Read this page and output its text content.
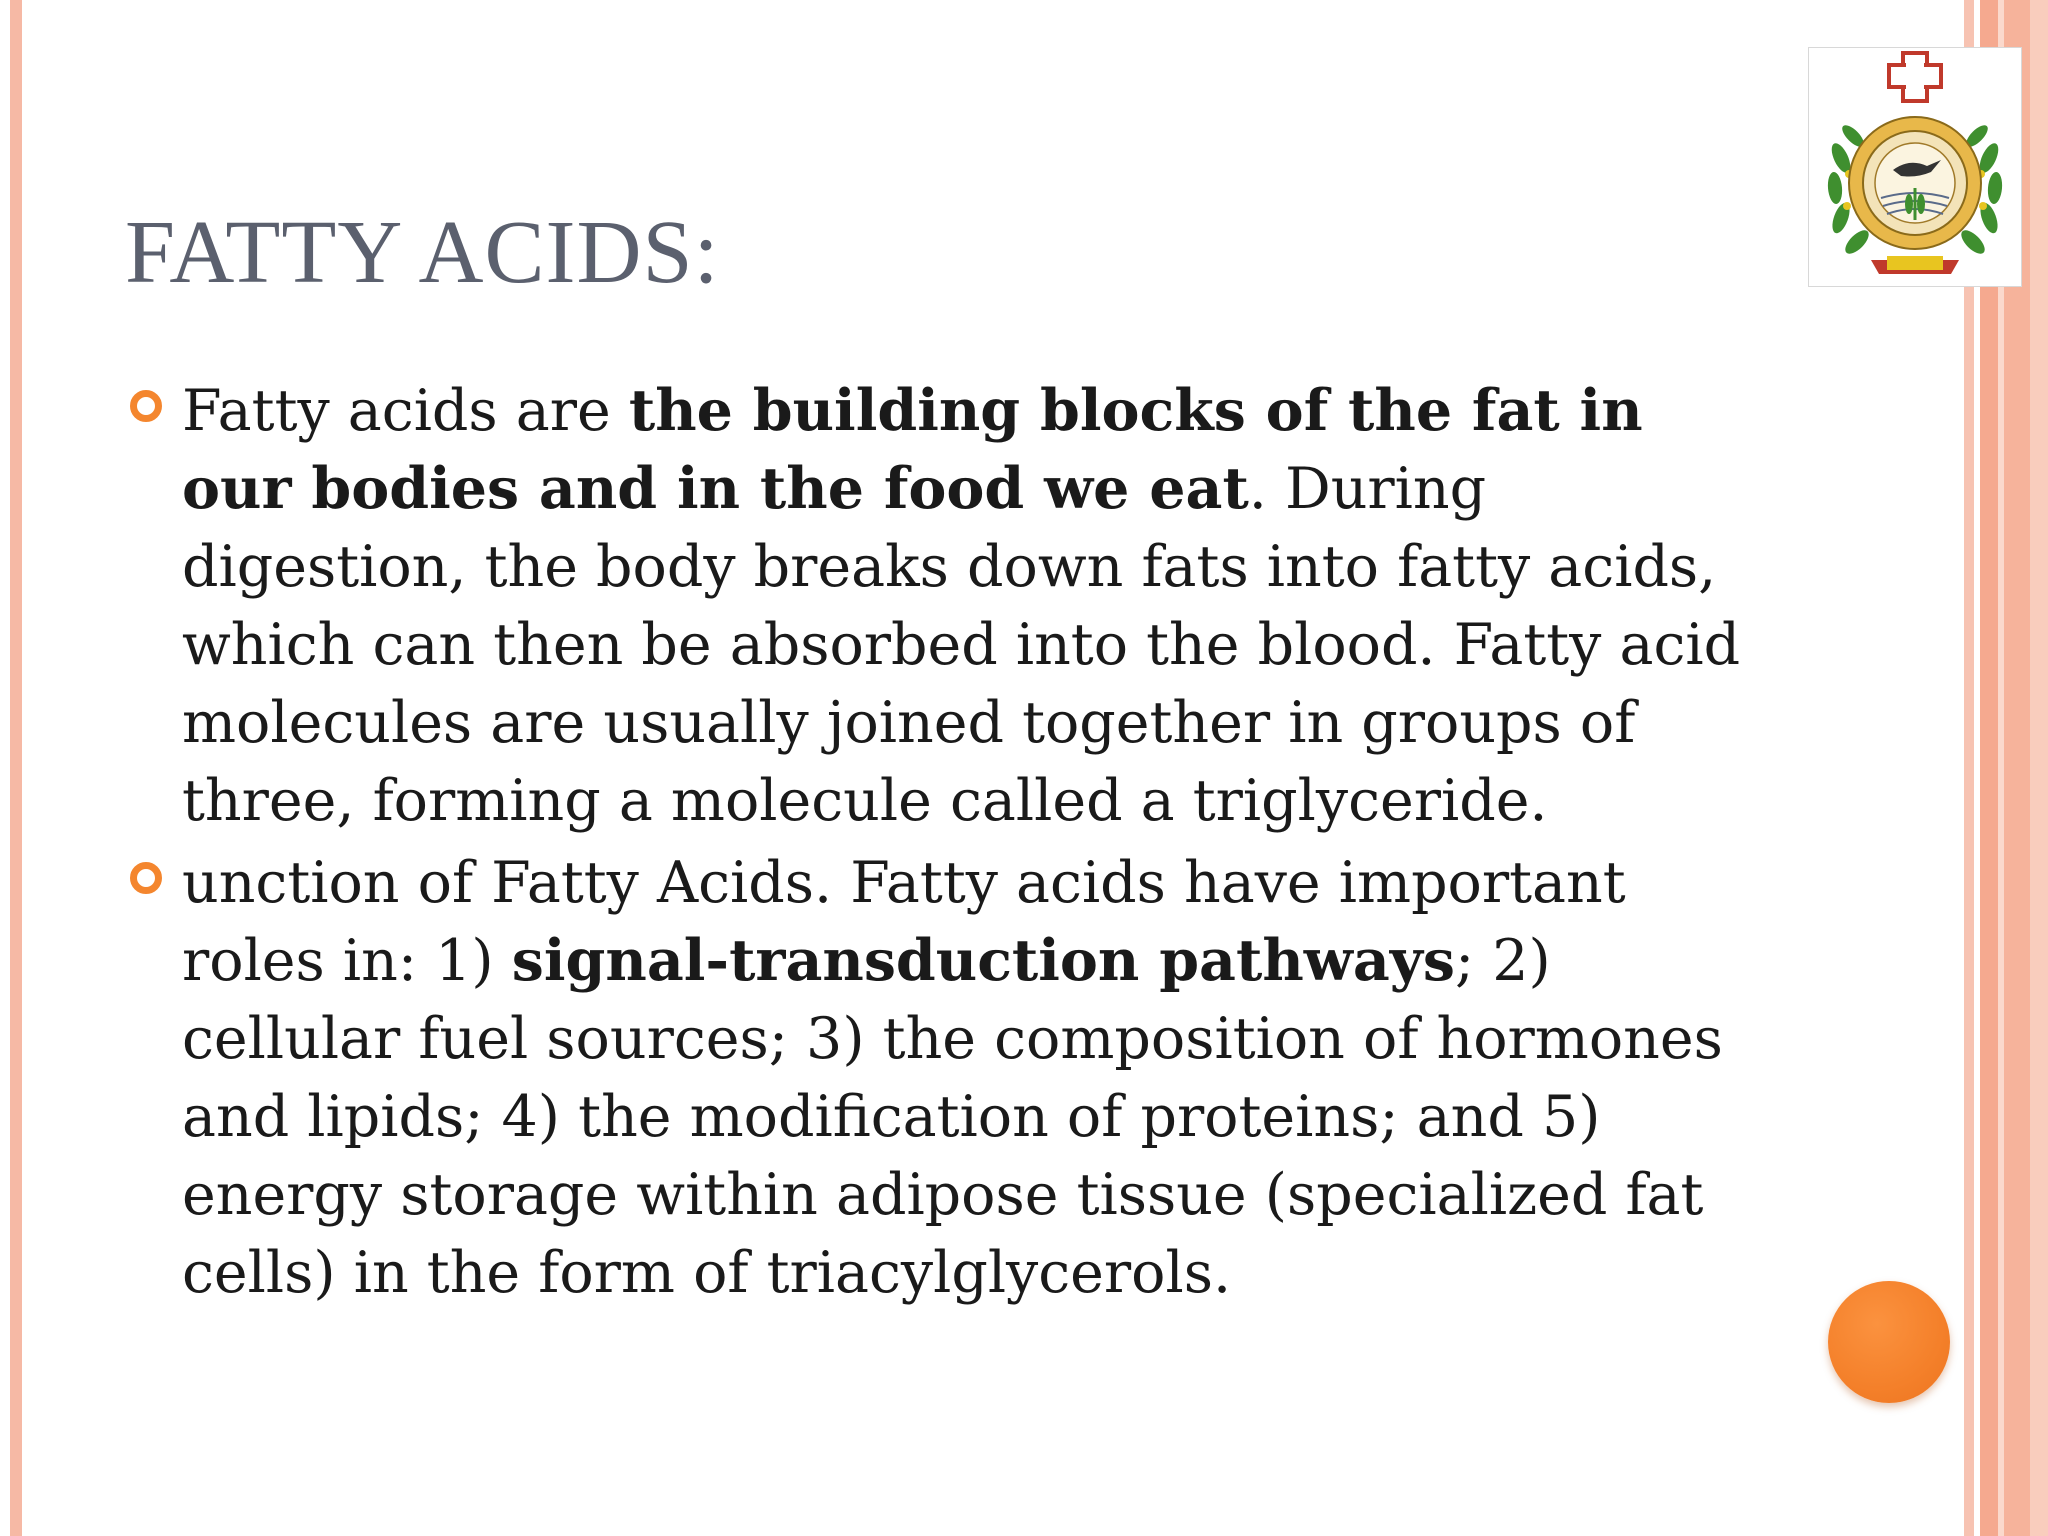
FATTY ACIDS:
Fatty acids are the building blocks of the fat in our bodies and in the food we eat. During digestion, the body breaks down fats into fatty acids, which can then be absorbed into the blood. Fatty acid molecules are usually joined together in groups of three, forming a molecule called a triglyceride.
unction of Fatty Acids. Fatty acids have important roles in: 1) signal-transduction pathways; 2) cellular fuel sources; 3) the composition of hormones and lipids; 4) the modification of proteins; and 5) energy storage within adipose tissue (specialized fat cells) in the form of triacylglycerols.
